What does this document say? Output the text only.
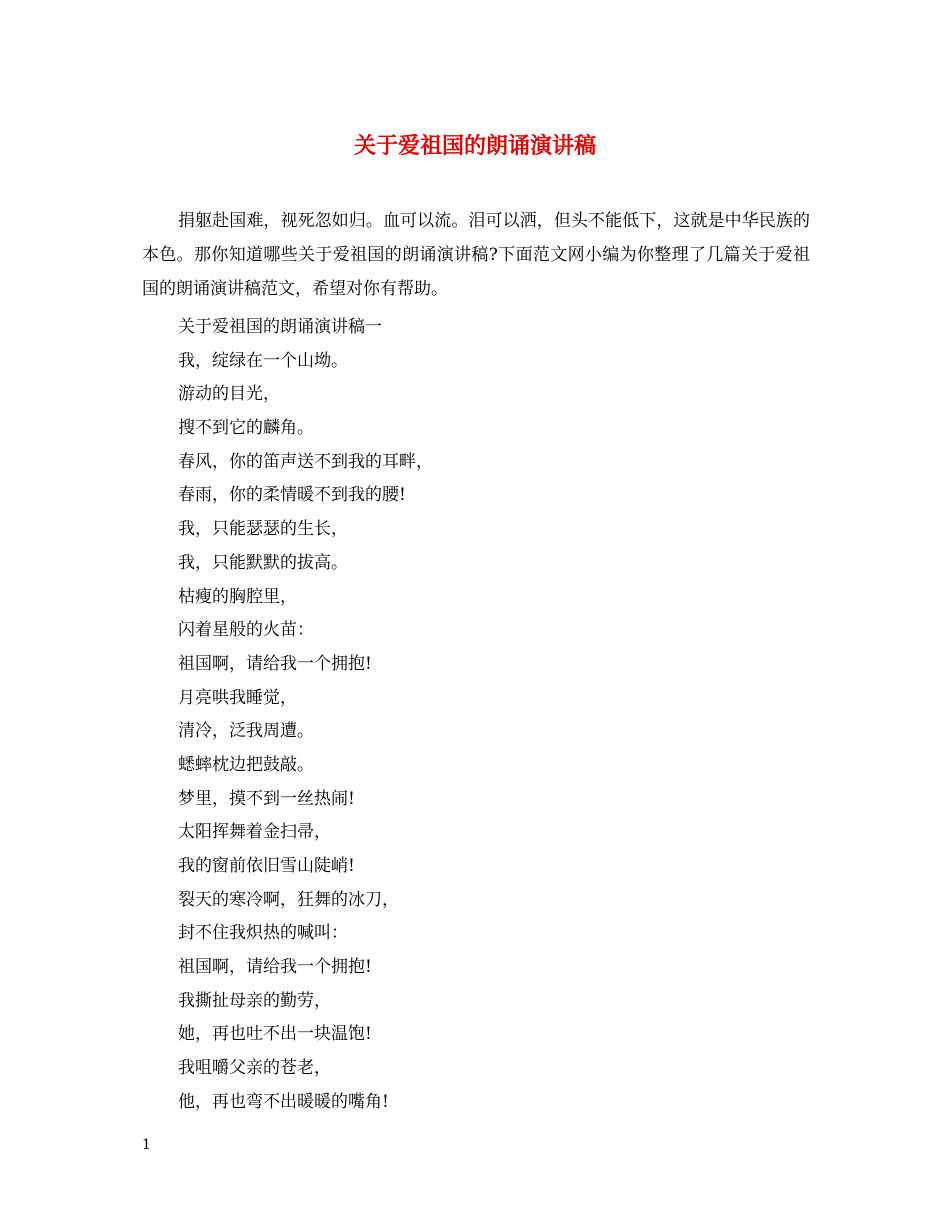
关于爱祖国的朗诵演讲稿

捐躯赴国难，视死忽如归。血可以流。泪可以洒，但头不能低下，这就是中华民族的本色。那你知道哪些关于爱祖国的朗诵演讲稿?下面范文网小编为你整理了几篇关于爱祖国的朗诵演讲稿范文，希望对你有帮助。

关于爱祖国的朗诵演讲稿一
我，绽绿在一个山坳。
游动的目光，
搜不到它的麟角。
春风，你的笛声送不到我的耳畔，
春雨，你的柔情暖不到我的腰!
我，只能瑟瑟的生长，
我，只能默默的拔高。
枯瘦的胸腔里，
闪着星般的火苗：
祖国啊，请给我一个拥抱!
月亮哄我睡觉，
清冷，泛我周遭。
蟋蟀枕边把鼓敲。
梦里，摸不到一丝热闹!
太阳挥舞着金扫帚，
我的窗前依旧雪山陡峭!
裂天的寒冷啊，狂舞的冰刀，
封不住我炽热的喊叫：
祖国啊，请给我一个拥抱!
我撕扯母亲的勤劳，
她，再也吐不出一块温饱!
我咀嚼父亲的苍老，
他，再也弯不出暖暖的嘴角!
1
